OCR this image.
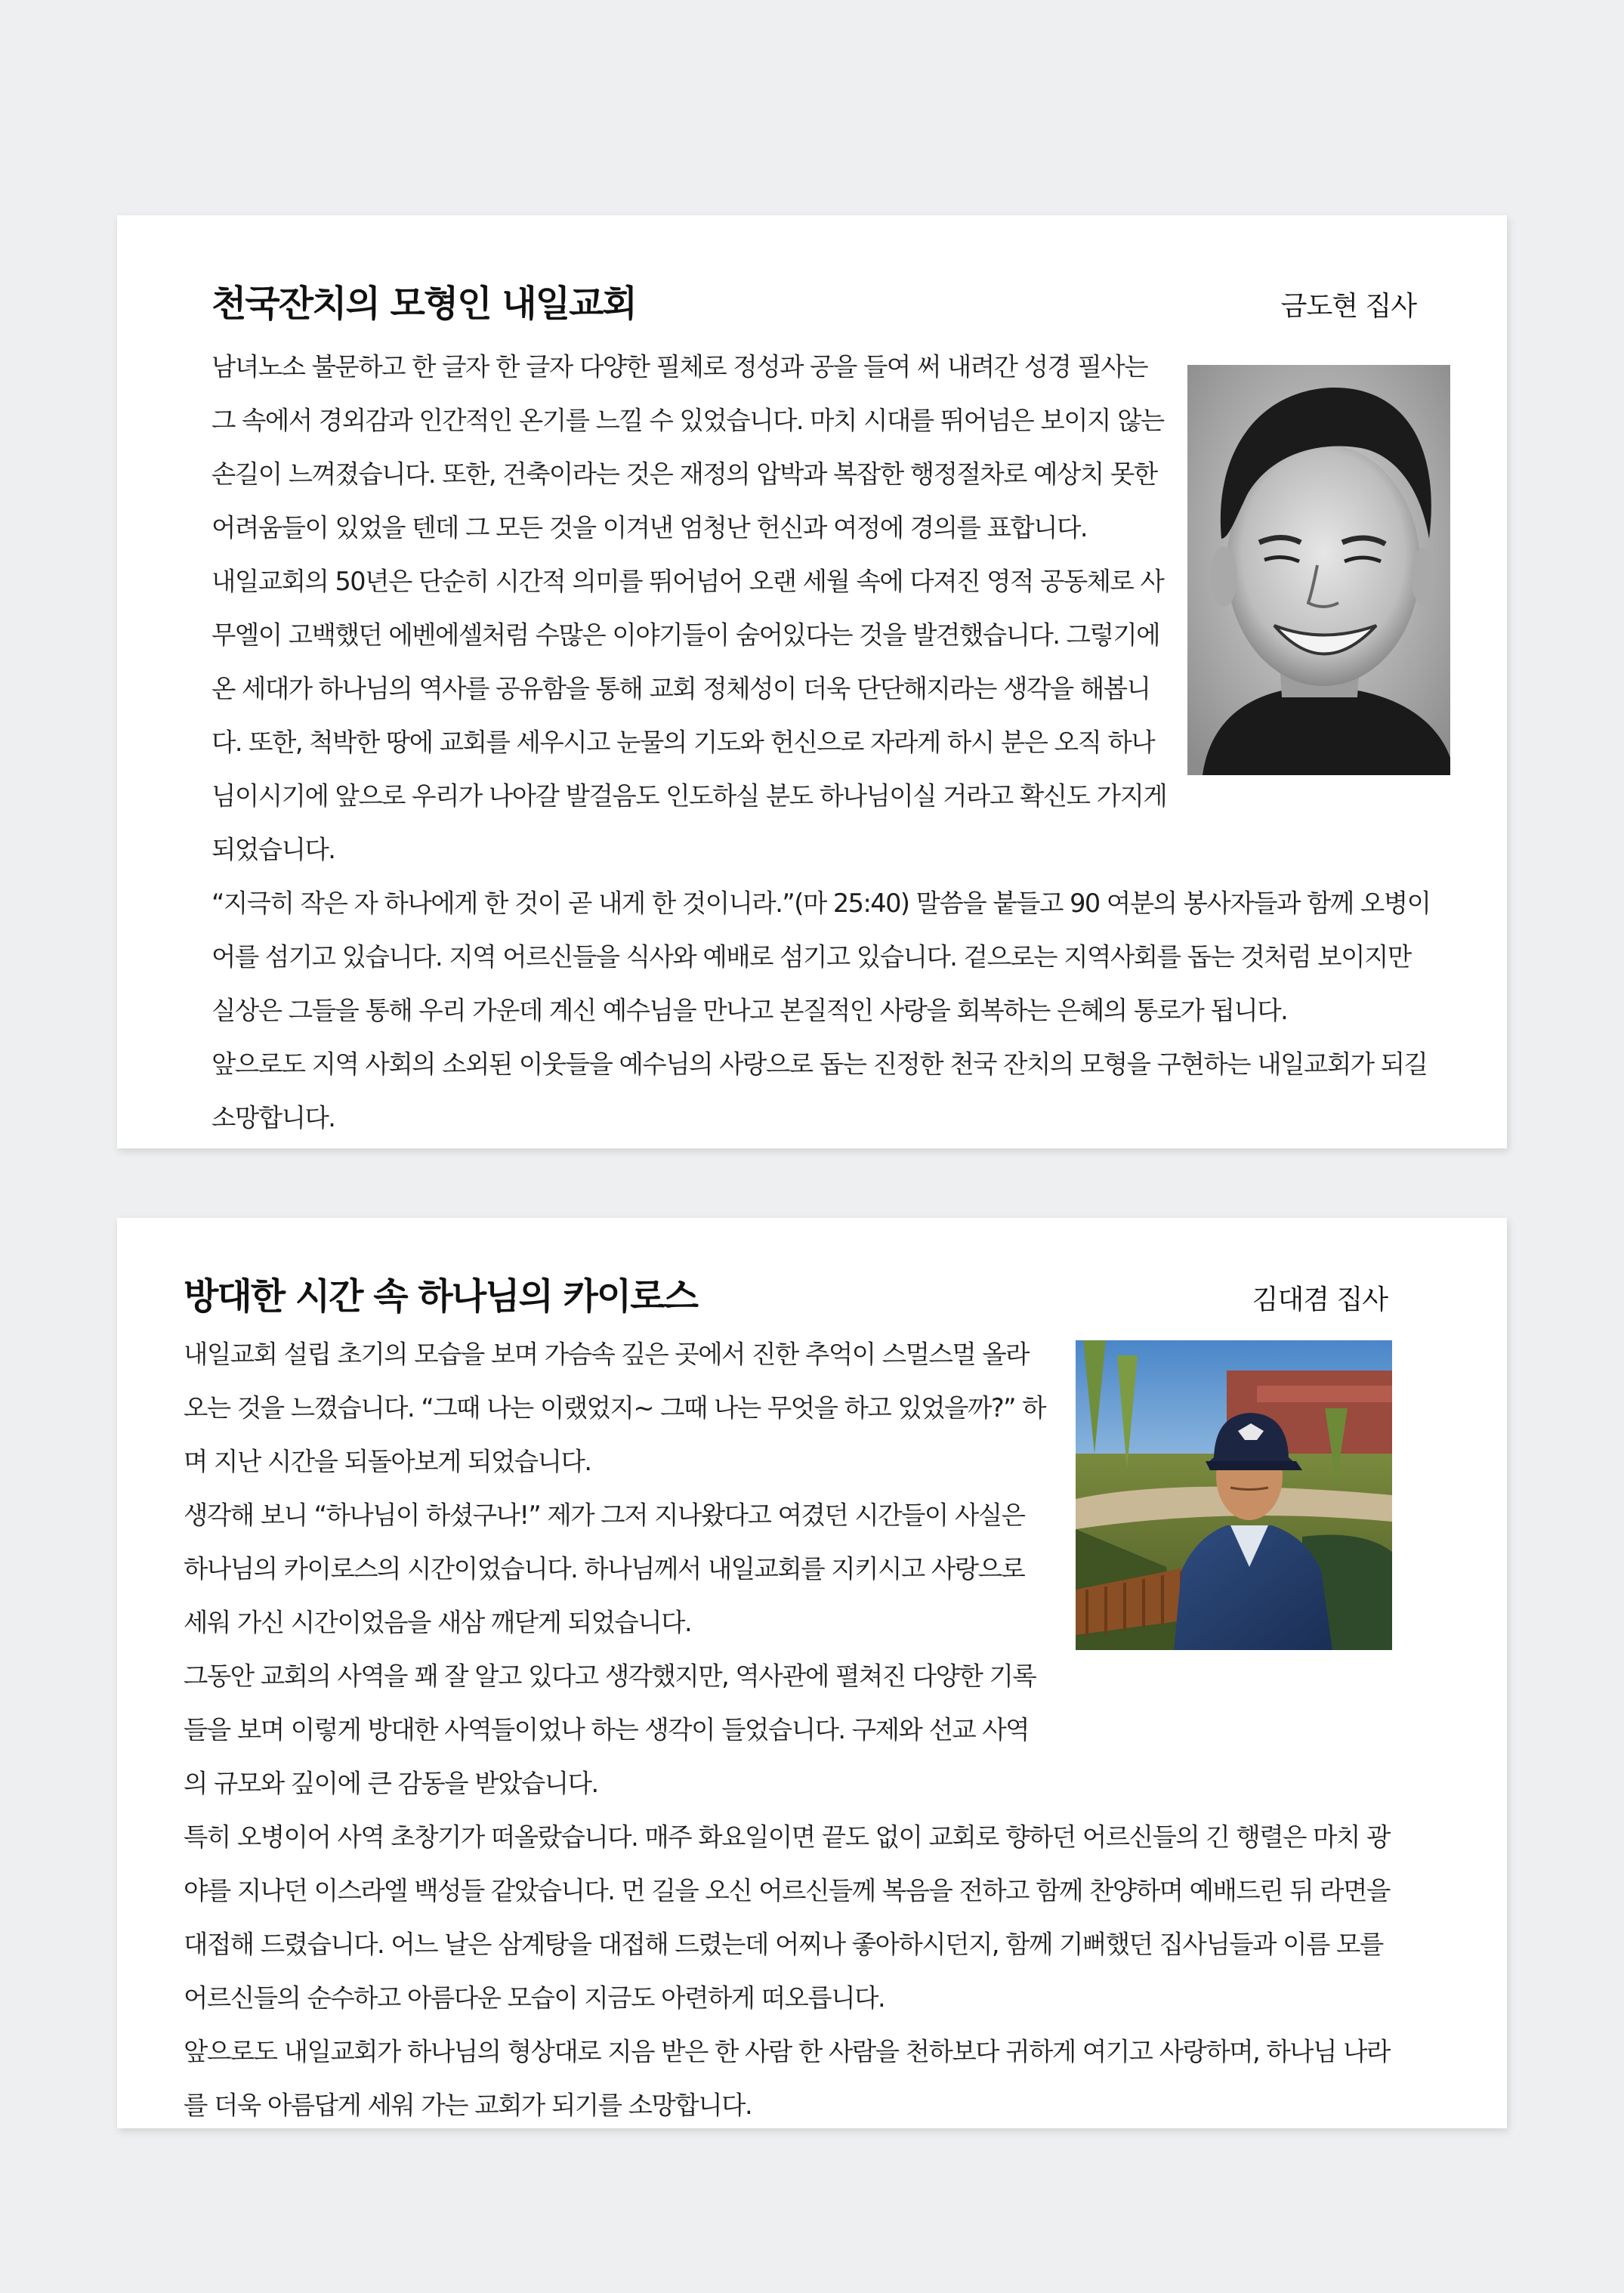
천국잔치의 모형인 내일교회	금도현 집사

남녀노소 불문하고 한 글자 한 글자 다양한 필체로 정성과 공을 들여 써 내려간 성경 필사는 그 속에서 경외감과 인간적인 온기를 느낄 수 있었습니다. 마치 시대를 뛰어넘은 보이지 않는 손길이 느껴졌습니다. 또한, 건축이라는 것은 재정의 압박과 복잡한 행정절차로 예상치 못한 어려움들이 있었을 텐데 그 모든 것을 이겨낸 엄청난 헌신과 여정에 경의를 표합니다.

내일교회의 50년은 단순히 시간적 의미를 뛰어넘어 오랜 세월 속에 다져진 영적 공동체로 사무엘이 고백했던 에벤에셀처럼 수많은 이야기들이 숨어있다는 것을 발견했습니다. 그렇기에 온 세대가 하나님의 역사를 공유함을 통해 교회 정체성이 더욱 단단해지라는 생각을 해봅니다. 또한, 척박한 땅에 교회를 세우시고 눈물의 기도와 헌신으로 자라게 하시 분은 오직 하나님이시기에 앞으로 우리가 나아갈 발걸음도 인도하실 분도 하나님이실 거라고 확신도 가지게 되었습니다.

“지극히 작은 자 하나에게 한 것이 곧 내게 한 것이니라.”(마 25:40) 말씀을 붙들고 90 여분의 봉사자들과 함께 오병이어를 섬기고 있습니다. 지역 어르신들을 식사와 예배로 섬기고 있습니다. 겉으로는 지역사회를 돕는 것처럼 보이지만 실상은 그들을 통해 우리 가운데 계신 예수님을 만나고 본질적인 사랑을 회복하는 은혜의 통로가 됩니다.

앞으로도 지역 사회의 소외된 이웃들을 예수님의 사랑으로 돕는 진정한 천국 잔치의 모형을 구현하는 내일교회가 되길 소망합니다.

방대한 시간 속 하나님의 카이로스	김대겸 집사

내일교회 설립 초기의 모습을 보며 가슴속 깊은 곳에서 진한 추억이 스멀스멀 올라오는 것을 느꼈습니다. “그때 나는 이랬었지~ 그때 나는 무엇을 하고 있었을까?” 하며 지난 시간을 되돌아보게 되었습니다.

생각해 보니 “하나님이 하셨구나!” 제가 그저 지나왔다고 여겼던 시간들이 사실은 하나님의 카이로스의 시간이었습니다. 하나님께서 내일교회를 지키시고 사랑으로 세워 가신 시간이었음을 새삼 깨닫게 되었습니다.

그동안 교회의 사역을 꽤 잘 알고 있다고 생각했지만, 역사관에 펼쳐진 다양한 기록들을 보며 이렇게 방대한 사역들이었나 하는 생각이 들었습니다. 구제와 선교 사역의 규모와 깊이에 큰 감동을 받았습니다.

특히 오병이어 사역 초창기가 떠올랐습니다. 매주 화요일이면 끝도 없이 교회로 향하던 어르신들의 긴 행렬은 마치 광야를 지나던 이스라엘 백성들 같았습니다. 먼 길을 오신 어르신들께 복음을 전하고 함께 찬양하며 예배드린 뒤 라면을 대접해 드렸습니다. 어느 날은 삼계탕을 대접해 드렸는데 어찌나 좋아하시던지, 함께 기뻐했던 집사님들과 이름 모를 어르신들의 순수하고 아름다운 모습이 지금도 아련하게 떠오릅니다.

앞으로도 내일교회가 하나님의 형상대로 지음 받은 한 사람 한 사람을 천하보다 귀하게 여기고 사랑하며, 하나님 나라를 더욱 아름답게 세워 가는 교회가 되기를 소망합니다.
